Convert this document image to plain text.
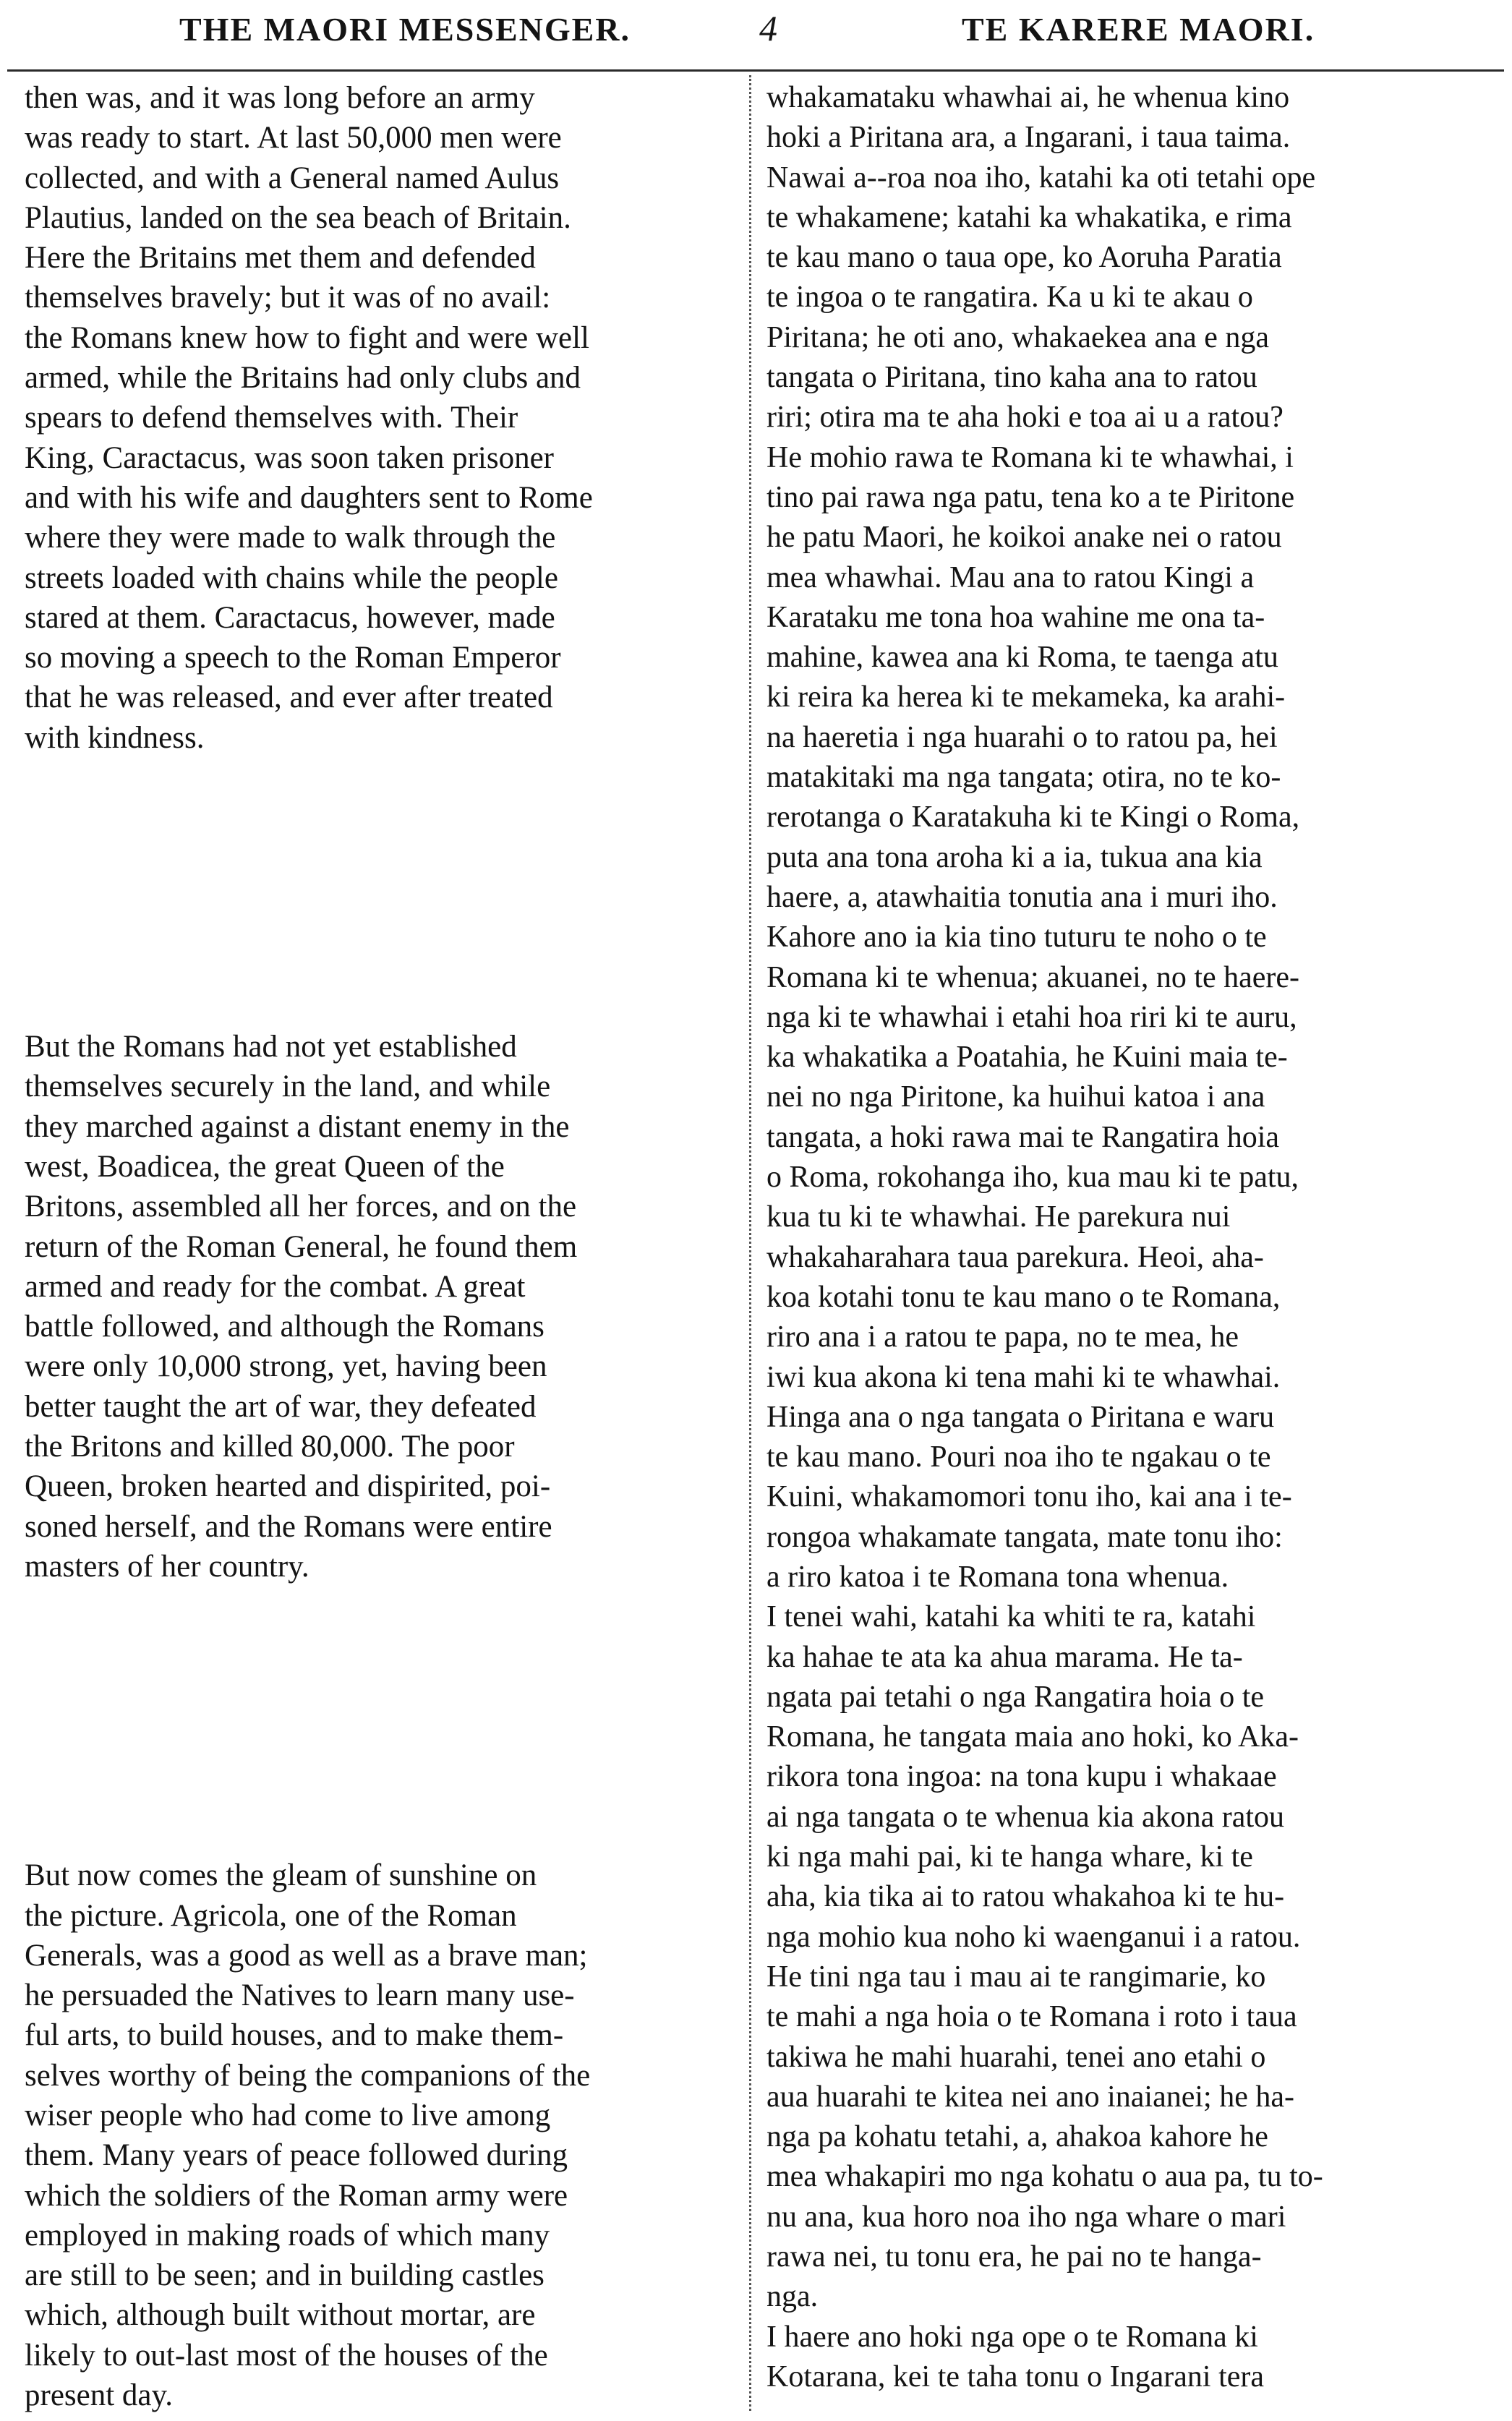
THE MAORI MESSENGER.	4	TE KARERE MAORI.
then was, and it was long before an army
was ready to start. At last 50,000 men were
collected, and with a General named Aulus
Plautius, landed on the sea beach of Britain.
Here the Britains met them and defended
themselves bravely; but it was of no avail:
the Romans knew how to fight and were well
armed, while the Britains had only clubs and
spears to defend themselves with. Their
King, Caractacus, was soon taken prisoner
and with his wife and daughters sent to Rome
where they were made to walk through the
streets loaded with chains while the people
stared at them. Caractacus, however, made
so moving a speech to the Roman Emperor
that he was released, and ever after treated
with kindness.
But the Romans had not yet established
themselves securely in the land, and while
they marched against a distant enemy in the
west, Boadicea, the great Queen of the
Britons, assembled all her forces, and on the
return of the Roman General, he found them
armed and ready for the combat. A great
battle followed, and although the Romans
were only 10,000 strong, yet, having been
better taught the art of war, they defeated
the Britons and killed 80,000. The poor
Queen, broken hearted and dispirited, poi-
soned herself, and the Romans were entire
masters of her country.
But now comes the gleam of sunshine on
the picture. Agricola, one of the Roman
Generals, was a good as well as a brave man;
he persuaded the Natives to learn many use-
ful arts, to build houses, and to make them-
selves worthy of being the companions of the
wiser people who had come to live among
them. Many years of peace followed during
which the soldiers of the Roman army were
employed in making roads of which many
are still to be seen; and in building castles
which, although built without mortar, are
likely to out-last most of the houses of the
present day.
whakamataku whawhai ai, he whenua kino
hoki a Piritana ara, a Ingarani, i taua taima.
Nawai a--roa noa iho, katahi ka oti tetahi ope
te whakamene; katahi ka whakatika, e rima
te kau mano o taua ope, ko Aoruha Paratia
te ingoa o te rangatira. Ka u ki te akau o
Piritana; he oti ano, whakaekea ana e nga
tangata o Piritana, tino kaha ana to ratou
riri; otira ma te aha hoki e toa ai u a ratou?
He mohio rawa te Romana ki te whawhai, i
tino pai rawa nga patu, tena ko a te Piritone
he patu Maori, he koikoi anake nei o ratou
mea whawhai. Mau ana to ratou Kingi a
Karataku me tona hoa wahine me ona ta-
mahine, kawea ana ki Roma, te taenga atu
ki reira ka herea ki te mekameka, ka arahi-
na haeretia i nga huarahi o to ratou pa, hei
matakitaki ma nga tangata; otira, no te ko-
rerotanga o Karatakuha ki te Kingi o Roma,
puta ana tona aroha ki a ia, tukua ana kia
haere, a, atawhaitia tonutia ana i muri iho.
Kahore ano ia kia tino tuturu te noho o te
Romana ki te whenua; akuanei, no te haere-
nga ki te whawhai i etahi hoa riri ki te auru,
ka whakatika a Poatahia, he Kuini maia te-
nei no nga Piritone, ka huihui katoa i ana
tangata, a hoki rawa mai te Rangatira hoia
o Roma, rokohanga iho, kua mau ki te patu,
kua tu ki te whawhai. He parekura nui
whakaharahara taua parekura. Heoi, aha-
koa kotahi tonu te kau mano o te Romana,
riro ana i a ratou te papa, no te mea, he
iwi kua akona ki tena mahi ki te whawhai.
Hinga ana o nga tangata o Piritana e waru
te kau mano. Pouri noa iho te ngakau o te
Kuini, whakamomori tonu iho, kai ana i te-
rongoa whakamate tangata, mate tonu iho:
a riro katoa i te Romana tona whenua.
I tenei wahi, katahi ka whiti te ra, katahi
ka hahae te ata ka ahua marama. He ta-
ngata pai tetahi o nga Rangatira hoia o te
Romana, he tangata maia ano hoki, ko Aka-
rikora tona ingoa: na tona kupu i whakaae
ai nga tangata o te whenua kia akona ratou
ki nga mahi pai, ki te hanga whare, ki te
aha, kia tika ai to ratou whakahoa ki te hu-
nga mohio kua noho ki waenganui i a ratou.
He tini nga tau i mau ai te rangimarie, ko
te mahi a nga hoia o te Romana i roto i taua
takiwa he mahi huarahi, tenei ano etahi o
aua huarahi te kitea nei ano inaianei; he ha-
nga pa kohatu tetahi, a, ahakoa kahore he
mea whakapiri mo nga kohatu o aua pa, tu to-
nu ana, kua horo noa iho nga whare o mari
rawa nei, tu tonu era, he pai no te hanga-
nga.
I haere ano hoki nga ope o te Romana ki
Kotarana, kei te taha tonu o Ingarani tera
